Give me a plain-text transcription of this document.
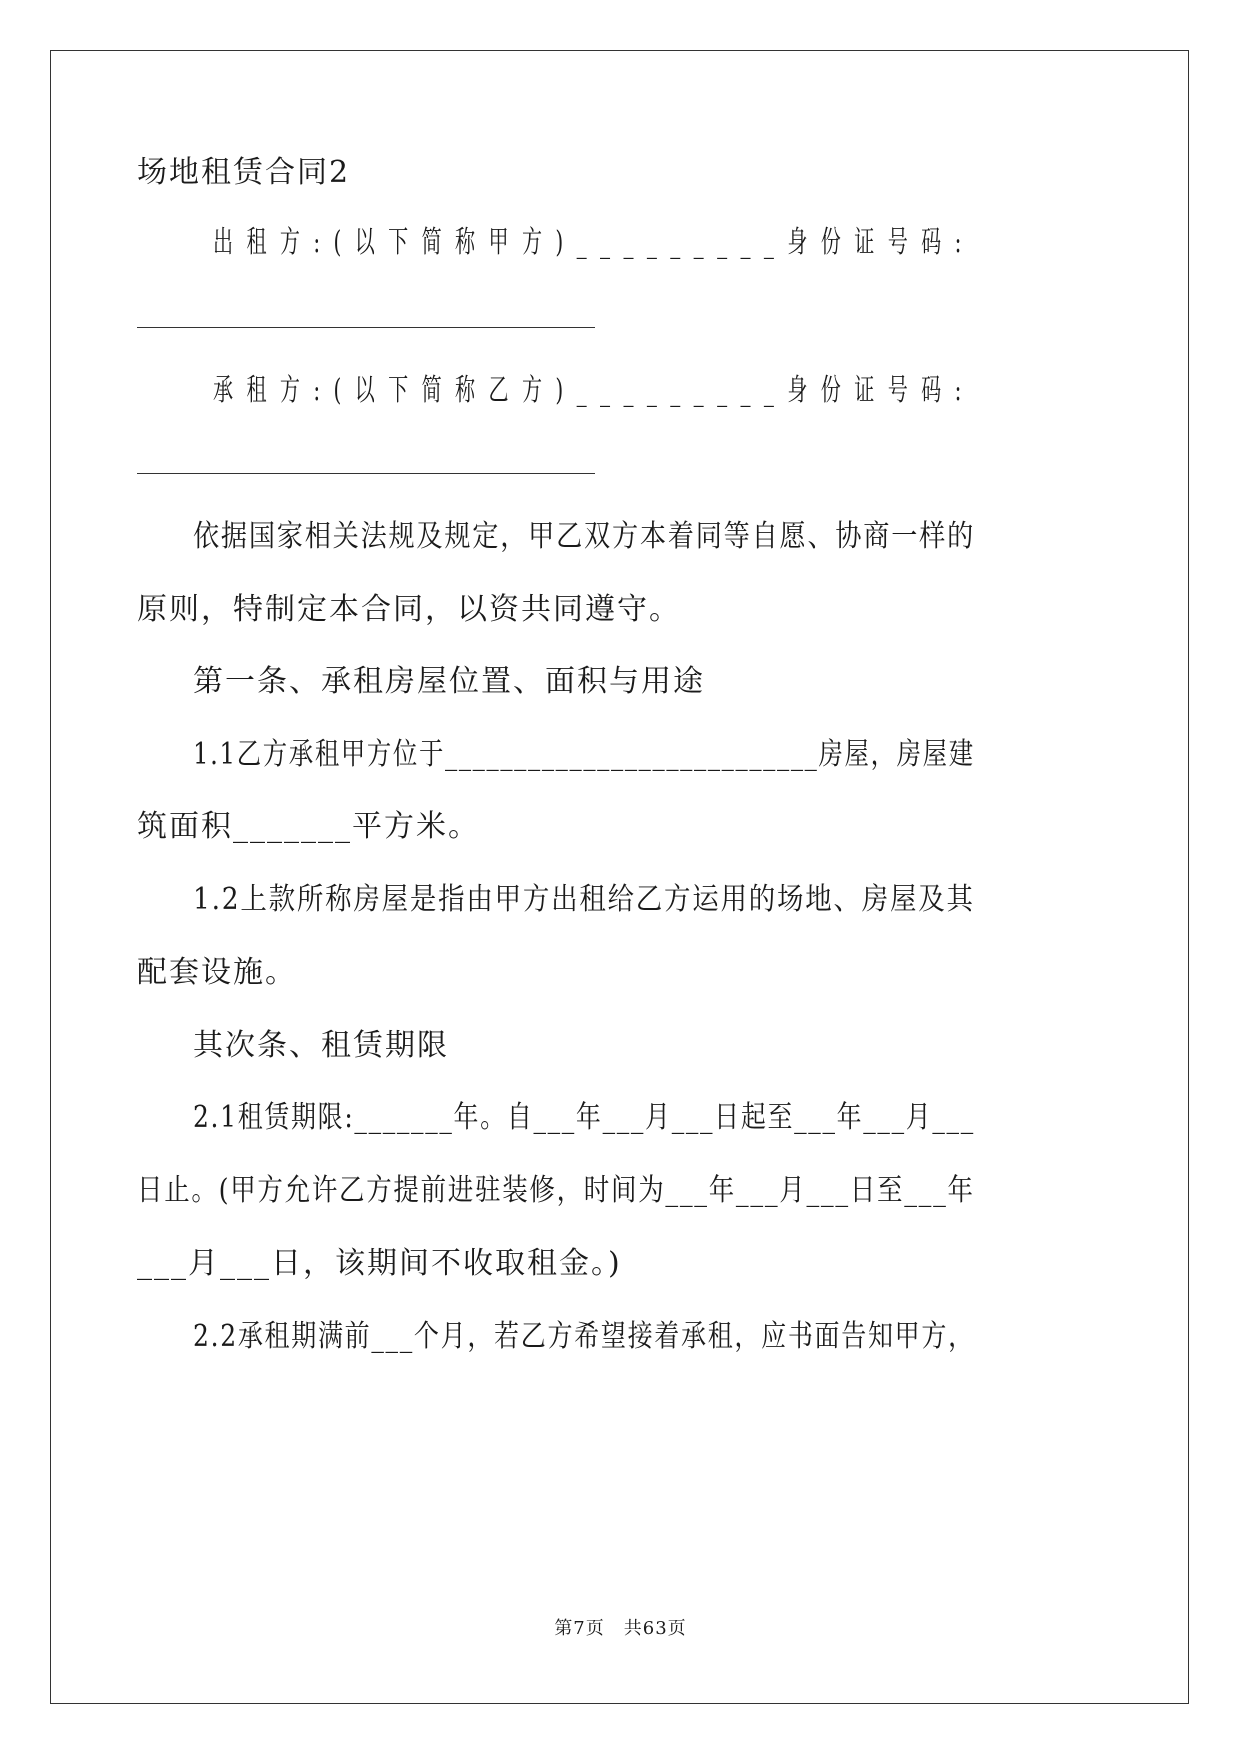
场地租赁合同2
出租方:(以下简称甲方)_________身份证号码:
承租方:(以下简称乙方)_________身份证号码:
依据国家相关法规及规定，甲乙双方本着同等自愿、协商一样的
原则，特制定本合同，以资共同遵守。
第一条、承租房屋位置、面积与用途
1.1乙方承租甲方位于___________________________房屋，房屋建
筑面积_______平方米。
1.2上款所称房屋是指由甲方出租给乙方运用的场地、房屋及其
配套设施。
其次条、租赁期限
2.1租赁期限:_______年。自___年___月___日起至___年___月___
日止。(甲方允许乙方提前进驻装修，时间为___年___月___日至___年
___月___日，该期间不收取租金。)
2.2承租期满前___个月，若乙方希望接着承租，应书面告知甲方，
第7页　共63页
